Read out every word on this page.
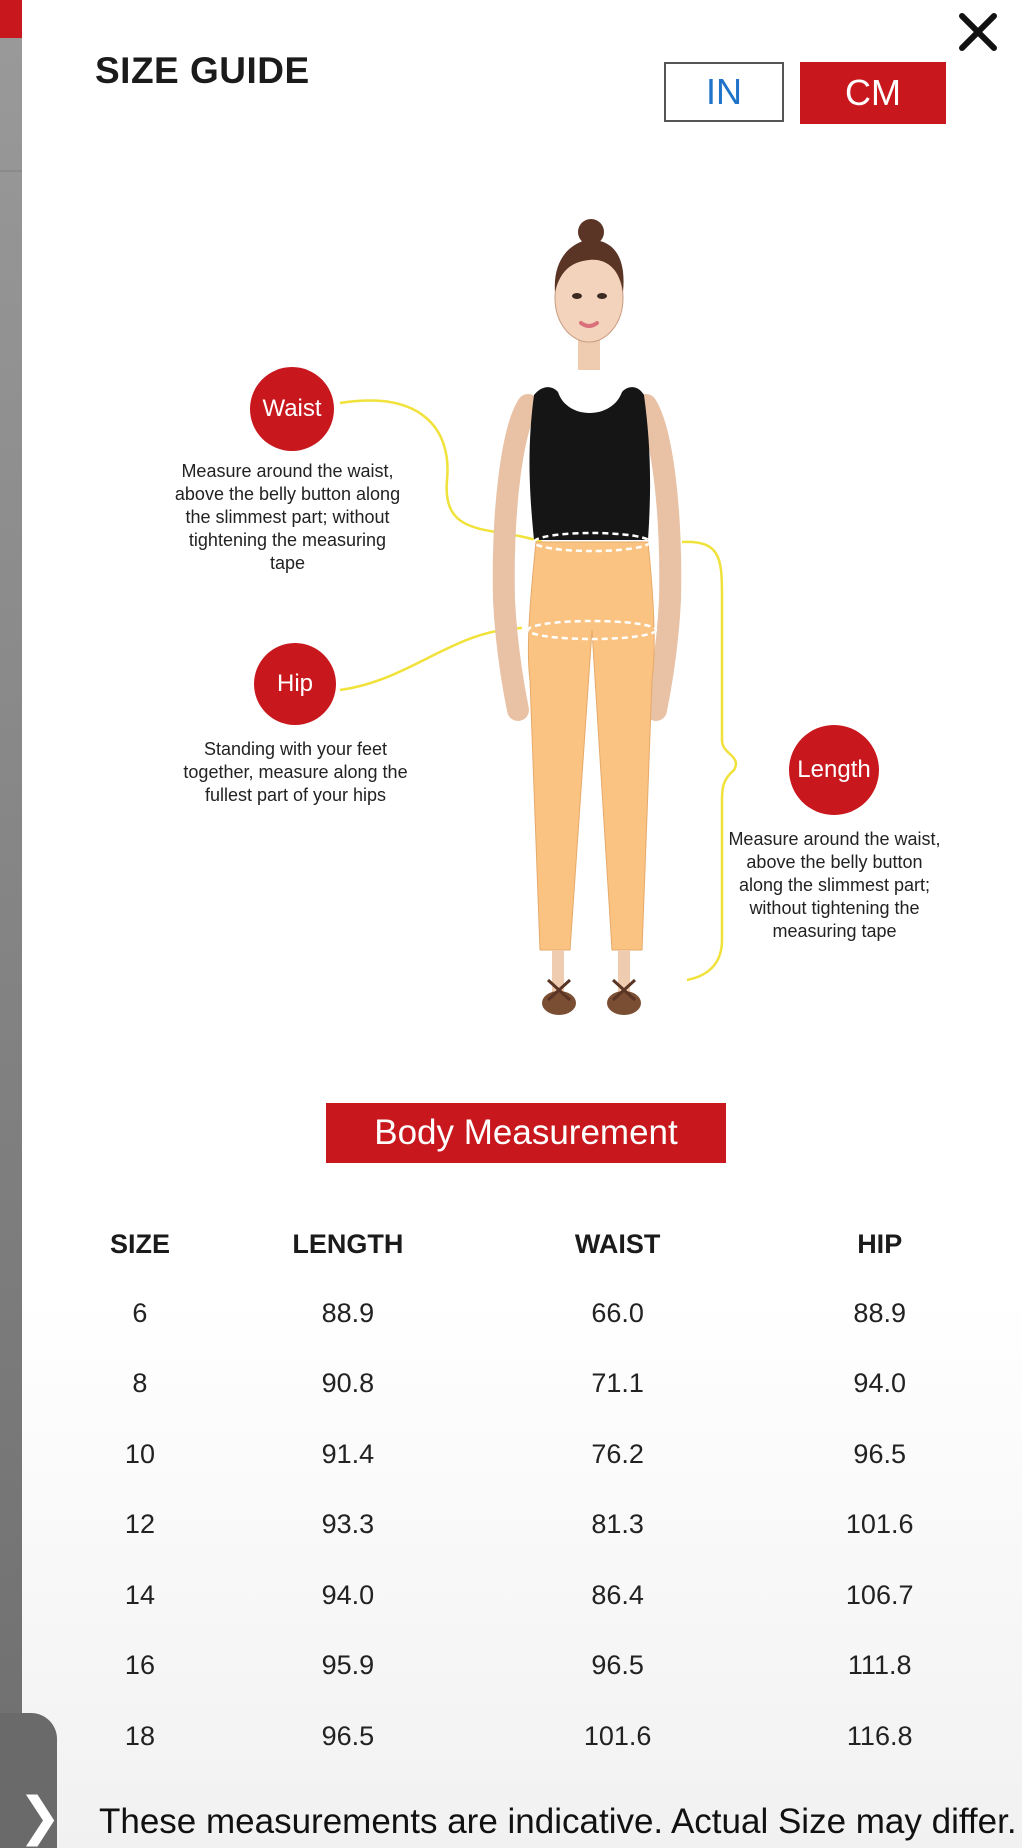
SIZE GUIDE
IN	CM
Waist
Measure around the waist, above the belly button along the slimmest part; without tightening the measuring tape
Hip
Standing with your feet together, measure along the fullest part of your hips
Length
Measure around the waist, above the belly button along the slimmest part; without tightening the measuring tape
Body Measurement
SIZE	LENGTH	WAIST	HIP
6	88.9	66.0	88.9
8	90.8	71.1	94.0
10	91.4	76.2	96.5
12	93.3	81.3	101.6
14	94.0	86.4	106.7
16	95.9	96.5	111.8
18	96.5	101.6	116.8
These measurements are indicative. Actual Size may differ.
❯
